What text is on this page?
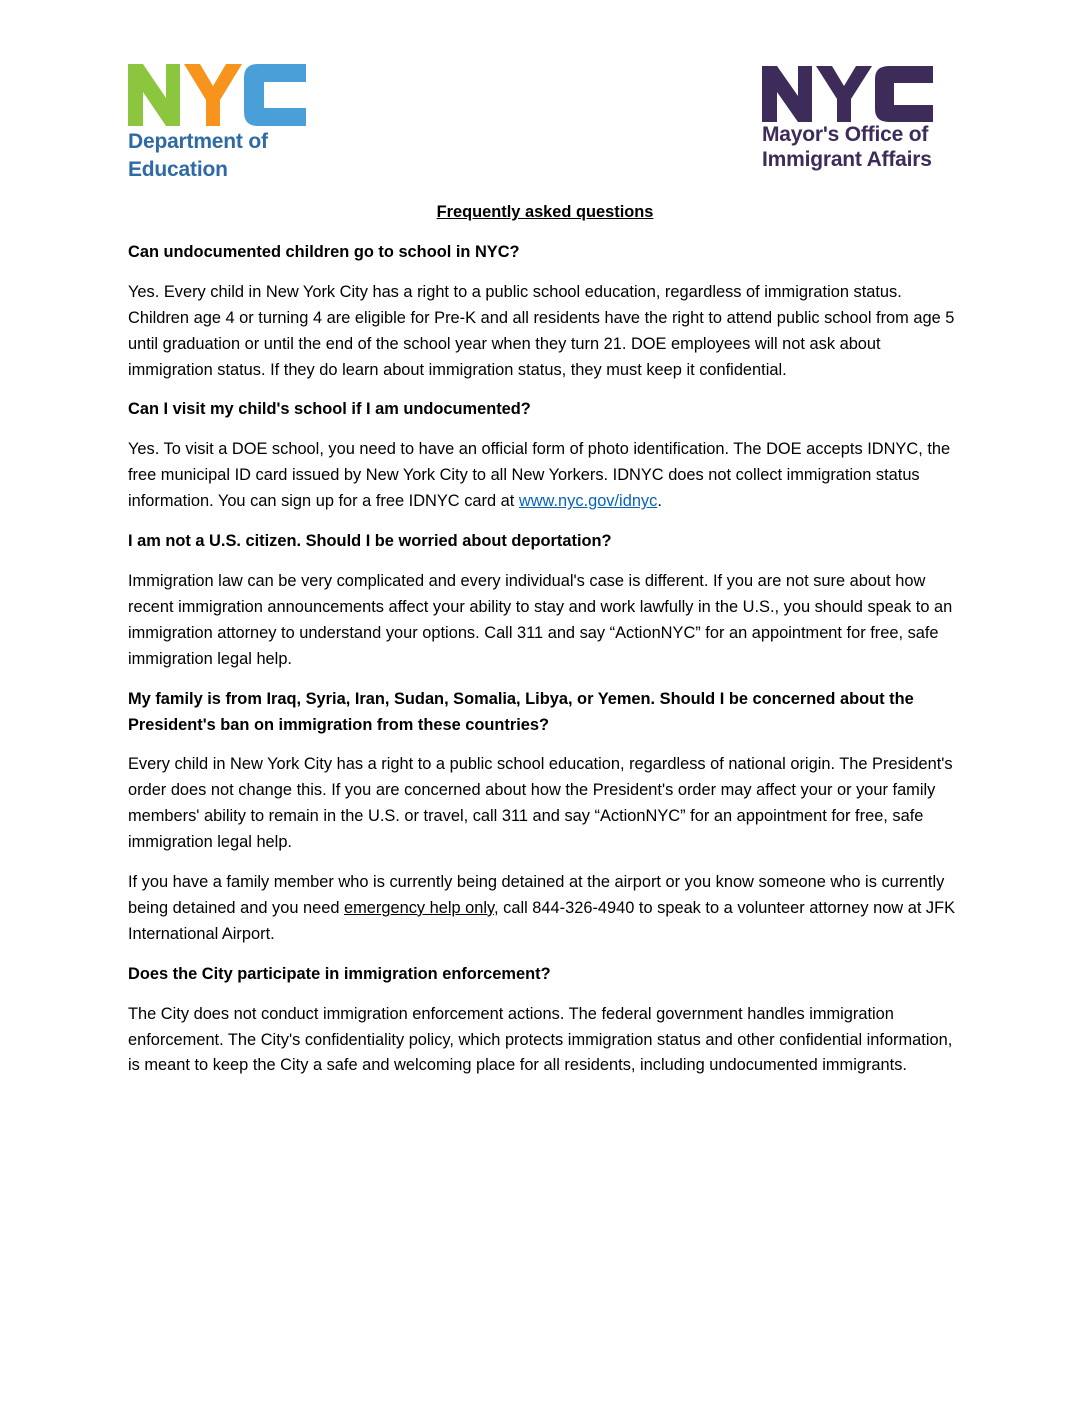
Department of

Education

Mayor's Office of

Immigrant Affairs

Frequently asked questions

Can undocumented children go to school in NYC?

Yes. Every child in New York City has a right to a public school education, regardless of immigration status. Children age 4 or turning 4 are eligible for Pre-K and all residents have the right to attend public school from age 5 until graduation or until the end of the school year when they turn 21. DOE employees will not ask about immigration status. If they do learn about immigration status, they must keep it confidential.

Can I visit my child's school if I am undocumented?

Yes. To visit a DOE school, you need to have an official form of photo identification. The DOE accepts IDNYC, the free municipal ID card issued by New York City to all New Yorkers. IDNYC does not collect immigration status information. You can sign up for a free IDNYC card at www.nyc.gov/idnyc.

I am not a U.S. citizen. Should I be worried about deportation?

Immigration law can be very complicated and every individual's case is different. If you are not sure about how recent immigration announcements affect your ability to stay and work lawfully in the U.S., you should speak to an immigration attorney to understand your options. Call 311 and say “ActionNYC” for an appointment for free, safe immigration legal help.

My family is from Iraq, Syria, Iran, Sudan, Somalia, Libya, or Yemen. Should I be concerned about the President's ban on immigration from these countries?

Every child in New York City has a right to a public school education, regardless of national origin. The President's order does not change this. If you are concerned about how the President's order may affect your or your family members' ability to remain in the U.S. or travel, call 311 and say “ActionNYC” for an appointment for free, safe immigration legal help.

If you have a family member who is currently being detained at the airport or you know someone who is currently being detained and you need emergency help only, call 844-326-4940 to speak to a volunteer attorney now at JFK International Airport.

Does the City participate in immigration enforcement?

The City does not conduct immigration enforcement actions. The federal government handles immigration enforcement. The City's confidentiality policy, which protects immigration status and other confidential information, is meant to keep the City a safe and welcoming place for all residents, including undocumented immigrants.
